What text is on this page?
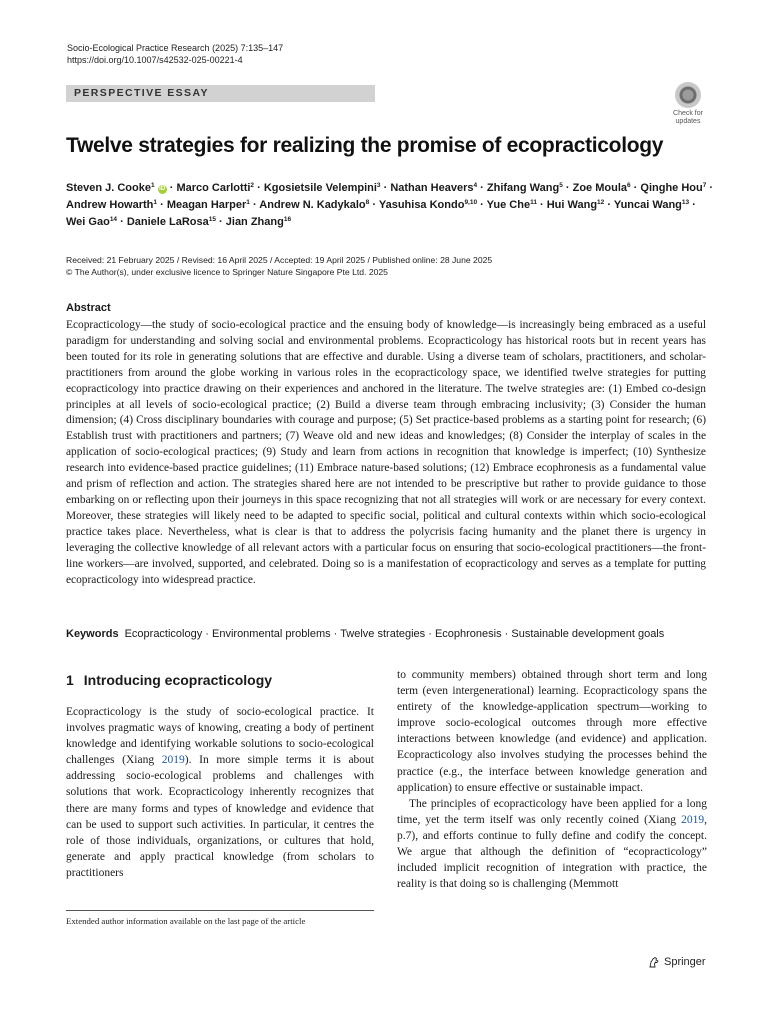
Socio-Ecological Practice Research (2025) 7:135–147
https://doi.org/10.1007/s42532-025-00221-4
PERSPECTIVE ESSAY
Check for
updates
Twelve strategies for realizing the promise of ecopracticology
Steven J. Cooke$^1$ iD · Marco Carlotti$^2$ · Kgosietsile Velempini$^3$ · Nathan Heavers$^4$ · Zhifang Wang$^5$ · Zoe Moula$^6$ · Qinghe Hou$^7$ · Andrew Howarth$^1$ · Meagan Harper$^1$ · Andrew N. Kadykalo$^8$ · Yasuhisa Kondo$^{9,10}$ · Yue Che$^{11}$ · Hui Wang$^{12}$ · Yuncai Wang$^{13}$ · Wei Gao$^{14}$ · Daniele LaRosa$^{15}$ · Jian Zhang$^{16}$
Received: 21 February 2025 / Revised: 16 April 2025 / Accepted: 19 April 2025 / Published online: 28 June 2025
© The Author(s), under exclusive licence to Springer Nature Singapore Pte Ltd. 2025
Abstract
Ecopracticology—the study of socio-ecological practice and the ensuing body of knowledge—is increasingly being embraced as a useful paradigm for understanding and solving social and environmental problems. Ecopracticology has historical roots but in recent years has been touted for its role in generating solutions that are effective and durable. Using a diverse team of scholars, practitioners, and scholar-practitioners from around the globe working in various roles in the ecopracticology space, we identified twelve strategies for putting ecopracticology into practice drawing on their experiences and anchored in the literature. The twelve strategies are: (1) Embed co-design principles at all levels of socio-ecological practice; (2) Build a diverse team through embracing inclusivity; (3) Consider the human dimension; (4) Cross disciplinary boundaries with courage and purpose; (5) Set practice-based problems as a starting point for research; (6) Establish trust with practitioners and partners; (7) Weave old and new ideas and knowledges; (8) Consider the interplay of scales in the application of socio-ecological practices; (9) Study and learn from actions in recognition that knowledge is imperfect; (10) Synthesize research into evidence-based practice guidelines; (11) Embrace nature-based solutions; (12) Embrace ecophronesis as a fundamental value and prism of reflection and action. The strategies shared here are not intended to be prescriptive but rather to provide guidance to those embarking on or reflecting upon their journeys in this space recognizing that not all strategies will work or are necessary for every context. Moreover, these strategies will likely need to be adapted to specific social, political and cultural contexts within which socio-ecological practice takes place. Nevertheless, what is clear is that to address the polycrisis facing humanity and the planet there is urgency in leveraging the collective knowledge of all relevant actors with a particular focus on ensuring that socio-ecological practitioners—the front-line workers—are involved, supported, and celebrated. Doing so is a manifestation of ecopracticology and serves as a template for putting ecopracticology into widespread practice.
Keywords Ecopracticology · Environmental problems · Twelve strategies · Ecophronesis · Sustainable development goals
1 Introducing ecopracticology

Ecopracticology is the study of socio-ecological practice. It involves pragmatic ways of knowing, creating a body of pertinent knowledge and identifying workable solutions to socio-ecological challenges (Xiang 2019). In more simple terms it is about addressing socio-ecological problems and challenges with solutions that work. Ecopracticology inherently recognizes that there are many forms and types of knowledge and evidence that can be used to support such activities. In particular, it centres the role of those individuals, organizations, or cultures that hold, generate and apply practical knowledge (from scholars to practitioners

to community members) obtained through short term and long term (even intergenerational) learning. Ecopracticology spans the entirety of the knowledge-application spectrum—working to improve socio-ecological outcomes through more effective interactions between knowledge (and evidence) and application. Ecopracticology also involves studying the processes behind the practice (e.g., the interface between knowledge generation and application) to ensure effective or sustainable impact.

The principles of ecopracticology have been applied for a long time, yet the term itself was only recently coined (Xiang 2019, p.7), and efforts continue to fully define and codify the concept. We argue that although the definition of “ecopracticology” included implicit recognition of integration with practice, the reality is that doing so is challenging (Memmott

Extended author information available on the last page of the article
Springer
